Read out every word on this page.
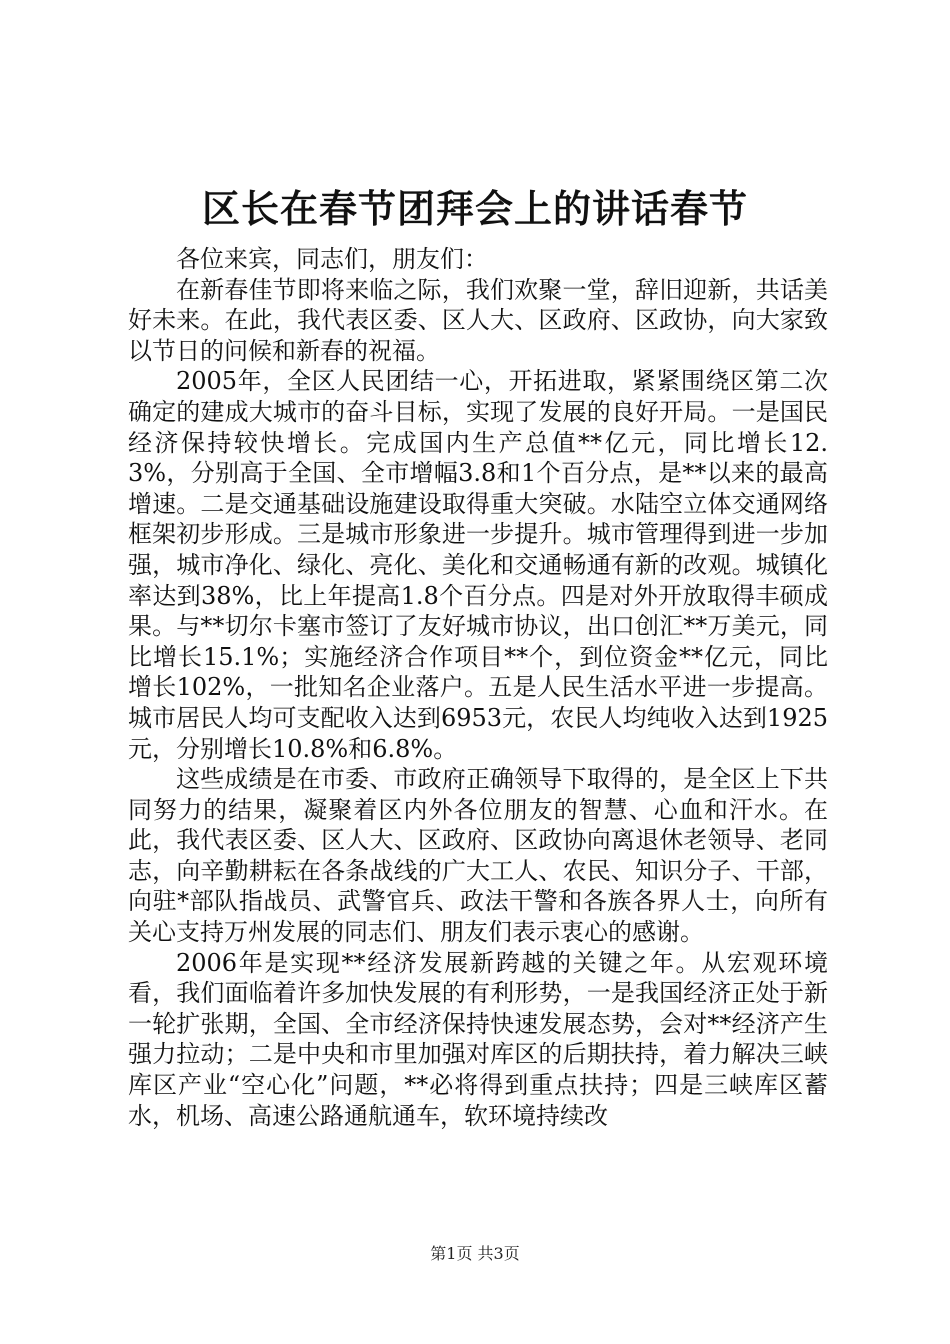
区长在春节团拜会上的讲话春节

各位来宾，同志们，朋友们：

在新春佳节即将来临之际，我们欢聚一堂，辞旧迎新，共话美好未来。在此，我代表区委、区人大、区政府、区政协，向大家致以节日的问候和新春的祝福。

2005年，全区人民团结一心，开拓进取，紧紧围绕区第二次确定的建成大城市的奋斗目标，实现了发展的良好开局。一是国民经济保持较快增长。完成国内生产总值**亿元，同比增长12.3%，分别高于全国、全市增幅3.8和1个百分点，是**以来的最高增速。二是交通基础设施建设取得重大突破。水陆空立体交通网络框架初步形成。三是城市形象进一步提升。城市管理得到进一步加强，城市净化、绿化、亮化、美化和交通畅通有新的改观。城镇化率达到38%，比上年提高1.8个百分点。四是对外开放取得丰硕成果。与**切尔卡塞市签订了友好城市协议，出口创汇**万美元，同比增长15.1%；实施经济合作项目**个，到位资金**亿元，同比增长102%，一批知名企业落户。五是人民生活水平进一步提高。城市居民人均可支配收入达到6953元，农民人均纯收入达到1925元，分别增长10.8%和6.8%。

这些成绩是在市委、市政府正确领导下取得的，是全区上下共同努力的结果，凝聚着区内外各位朋友的智慧、心血和汗水。在此，我代表区委、区人大、区政府、区政协向离退休老领导、老同志，向辛勤耕耘在各条战线的广大工人、农民、知识分子、干部，向驻*部队指战员、武警官兵、政法干警和各族各界人士，向所有关心支持万州发展的同志们、朋友们表示衷心的感谢。

2006年是实现**经济发展新跨越的关键之年。从宏观环境看，我们面临着许多加快发展的有利形势，一是我国经济正处于新一轮扩张期，全国、全市经济保持快速发展态势，会对**经济产生强力拉动；二是中央和市里加强对库区的后期扶持，着力解决三峡库区产业“空心化”问题，**必将得到重点扶持；四是三峡库区蓄水，机场、高速公路通航通车，软环境持续改

第1页 共3页
